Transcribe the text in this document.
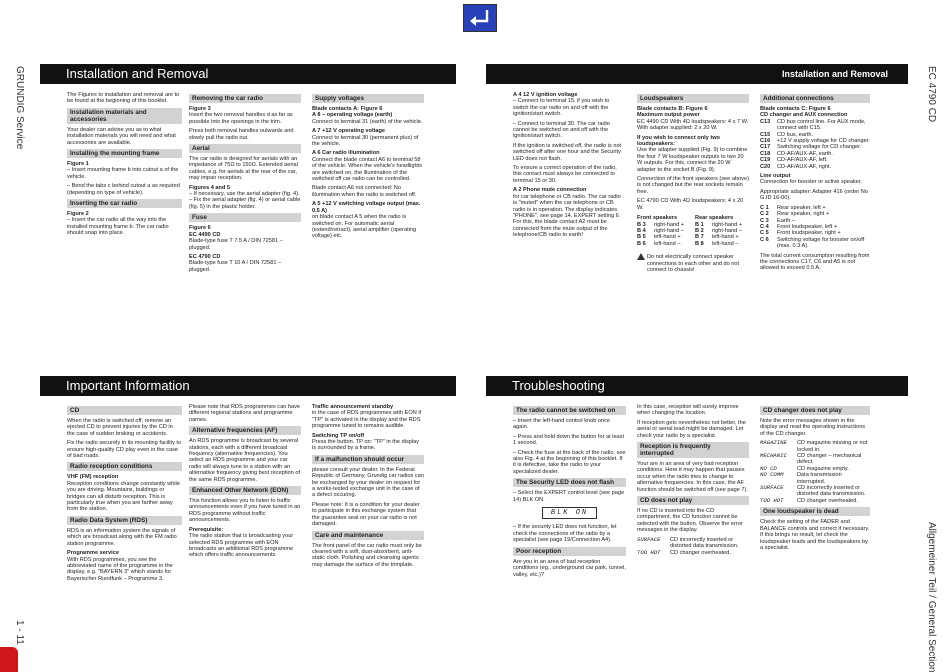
GRUNDIG Service
1 - 11
EC 4790 CD
Allgemeiner Teil / General Section
Installation and Removal	Installation and Removal
Important Information	Troubleshooting

The Figures to installation and removal are to be found at the beginning of this booklet.

Installation materials and accessories

Your dealer can advise you as to what installation materials you will need and what accessories are available.

Installing the mounting frame

Figure 1

– Insert mounting frame b into cutout a of the vehicle.

– Bend the tabs c behind cutout a as required (depending on type of vehicle).

Inserting the car radio

Figure 2

– Insert the car radio all the way into the installed mounting frame b. The car radio should snap into place.

Removing the car radio

Figure 3

Insert the two removal handles d as far as possible into the openings in the trim.

Press both removal handles outwards and slowly pull the radio out.

Aerial

The car radio is designed for aerials with an impedance of 75Ω to 150Ω. Extended aerial cables, e.g. for aerials at the rear of the car, may impair reception.

Figures 4 and 5

– If necessary, use the aerial adapter (fig. 4).

– Fix the aerial adapter (fig. 4) or aerial cable (fig. 5) in the plastic holder.

Fuse

Figure 6

EC 4490 CD

Blade-type fuse T 7.5 A / DIN 72581 – plugged.

EC 4790 CD

Blade-type fuse T 10 A / DIN 72581 – plugged.

Supply voltages

Blade contacts A: Figure 6

A 8 – operating voltage (earth)

Connect to terminal 31 (earth) of the vehicle.

A 7 +12 V operating voltage

Connect to terminal 30 (permanent plus) of the vehicle.

A 6 Car radio illumination

Connect the blade contact A6 to terminal 58 of the vehicle. When the vehicle's headlights are switched on, the illumination of the switched off car radio can be controlled.

Blade contact A6 not connected: No illumination when the radio is switched off.

A 5 +12 V switching voltage output (max. 0.5 A)

on blade contact A 5 when the radio is switched on. For automatic aerial (extend/retract), aerial amplifier (operating voltage) etc.

A 4 12 V ignition voltage

– Connect to terminal 15, if you wish to switch the car radio on and off with the ignition/start switch.

– Connect to terminal 30. The car radio cannot be switched on and off with the ignition/start switch.

If the ignition is switched off, the radio is not switched off after one hour and the Security LED does not flash.

To ensure a correct operation of the radio, this contact must always be connected to terminal 15 or 30.

A 2 Phone mute connection

for car telephone or CB radio. The car radio is "muted" when the car telephone or CB radio is in operation. The display indicates "PHONE", see page 14, EXPERT setting 6. For this, the blade contact A2 must be connected from the mute output of the telephone/CB radio to earth!

Loudspeakers

Blade contacts B: Figure 6

Maximum output power

EC 4490 CD With 4Ω loudspeakers: 4 x 7 W. With adapter supplied: 2 x 20 W.

If you wish to connect only two loudspeakers:

Use the adapter supplied (Fig. 9) to combine the four 7 W loudspeaker outputs to two 20 W outputs. For this, connect the 20 W adapter to the socket B (Fig. 9).

Connection of the front speakers (see above) is not changed but the rear sockets remain free.

EC 4790 CD With 4Ω loudspeakers: 4 x 20 W.

Front speakers

B 3	right-hand +
B 4	right-hand –
B 5	left-hand +
B 6	left-hand –

Rear speakers

B 1	right-hand +
B 2	right-hand –
B 7	left-hand +
B 8	left-hand –

Do not electrically connect speaker connections to each other and do not connect to chassis!

Additional connections

Blade contacts C: Figure 6

CD changer and AUX connection

C13	CD bus control line. For AUX mode, connect with C15.
C15	CD bus, earth.
C16	+12 V supply voltage for CD changer.
C17	Switching voltage for CD changer.
C18	CD-AF/AUX-AF, earth.
C19	CD-AF/AUX-AF, left.
C20	CD-AF/AUX-AF, right.

Line output

Connection for booster or active speaker.

Appropriate adapter: Adapter 416 (order No G.ID 16-00).

C 1	Rear speaker, left +
C 2	Rear speaker, right +
C 3	Earth –
C 4	Front loudspeaker, left +
C 5	Front loudspeaker, right +
C 6	Switching voltage for booster on/off (max. 0.3 A).

The total current consumption resulting from the connections C17, C6 and A5 is not allowed to exceed 0.5 A.

CD

When the radio is switched off, remove an ejected CD to prevent injuries by the CD in the case of sudden braking or accidents.

Fix the radio securely in its mounting facility to ensure high-quality CD play even in the case of bad roads.

Radio reception conditions

VHF (FM) reception

Reception conditions change constantly while you are driving. Mountains, buildings or bridges can all disturb reception. This is particularly true when you are farther away from the station.

Radio Data System (RDS)

RDS is an information system the signals of which are broadcast along with the FM radio station programme.

Programme service

With RDS programmes, you see the abbreviated name of the programme in the display, e.g. "BAYERN 3" which stands for Bayerischer Rundfunk – Programme 3.

Please note that RDS programmes can have different regional stations and programme names.

Alternative frequencies (AF)

An RDS programme is broadcast by several stations, each with a different broadcast frequency (alternative frequencies). You select an RDS programme and your car radio will always tune to a station with an alternative frequency giving best reception of the same RDS programme.

Enhanced Other Network (EON)

This function allows you to listen to traffic announcements even if you have tuned in an RDS programme without traffic announcements.

Prerequisite:

The radio station that is broadcasting your selected RDS programme with EON broadcasts an additional RDS programme which offers traffic announcements.

Traffic announcement standby

in the case of RDS programmes with EON if "TP" is activated in the display and the RDS programme tuned to remains audible.

Switching TP on/off

Press the button. TP on: "TP" in the display is surrounded by a frame.

If a malfunction should occur

please consult your dealer. In the Federal Republic of Germany, Grundig car radios can be exchanged by your dealer on request for a works-tested exchange unit in the case of a defect occuring.

Please note: It is a condition for your dealer to participate in this exchange system that the guarantee seal on your car radio is not damaged.

Care and maintenance

The front panel of the car radio must only be cleaned with a soft, dust-absorbent, anti-static cloth. Polishing and cleansing agents may damage the surface of the trimplate.

The radio cannot be switched on

– Insert the left-hand control knob once again.

– Press and hold down the button for at least 1 second.

– Check the fuse at the back of the radio, see also Fig. 4 at the beginning of this booklet. If it is defective, take the radio to your specialized dealer.

The Security LED does not flash

– Select the EXPERT control level (see page 14) BLK ON.

BLK ON

– If the security LED does not function, let check the connections of the radio by a specialist (see page 19/Connection A4).

Poor reception

Are you in an area of bad reception conditions (eg., underground car park, tunnel, valley, etc.)?

In this case, reception will surely improve when changing the location.

If reception gets nevertheless not better, the aerial or aerial lead might be damaged. Let check your radio by a specialist.

Reception is frequently interrupted

Your are in an area of very bad reception conditions. Here it may happen that pauses occur when the radio tries to change to alternative frequencies. In this case, the AF function should be switched off (see page 7).

CD does not play

If no CD is inserted into the CD compartment, the CD function cannot be selected with the button. Observe the error messages in the display.

SURFACE	CD incorrectly inserted or distorted data transmission.
TOO HOT	CD changer overheated.
CD changer does not play

Note the error messages shown in the display and read the operating instructions of the CD changer.

MAGAZINE	CD magazine missing or not locked in.
MECHANIC	CD changer – mechanical defect.
NO CD	CD magazine empty.
NO COMM	Data transmission interrupted.
SURFACE	CD incorrectly inserted or distorted data transmission.
TOO HOT	CD changer overheated.
One loudspeaker is dead

Check the setting of the FADER and BALANCE controls and correct if necessary. If this brings no result, let check the loudspeaker leads and the loudspeakers by a specialist.
